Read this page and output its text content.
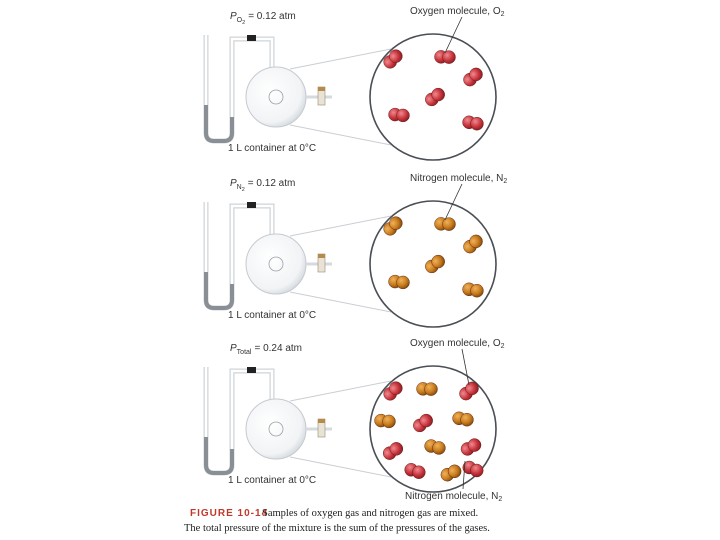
$P_{O2}= 0.12$ atm
1 L container at 0°C
Oxygen molecule, $O_2$
$P_{N2}= 0.12$ atm
1 L container at 0°C
Nitrogen molecule, $N_2$
$P_{Total} = 0.24$ atm
1 L container at 0°C
Oxygen molecule, $O_2$
Nitrogen molecule, $N_2$
FIGURE 10-14
Samples of oxygen gas and nitrogen gas are mixed.
The total pressure of the mixture is the sum of the pressures of the gases.
